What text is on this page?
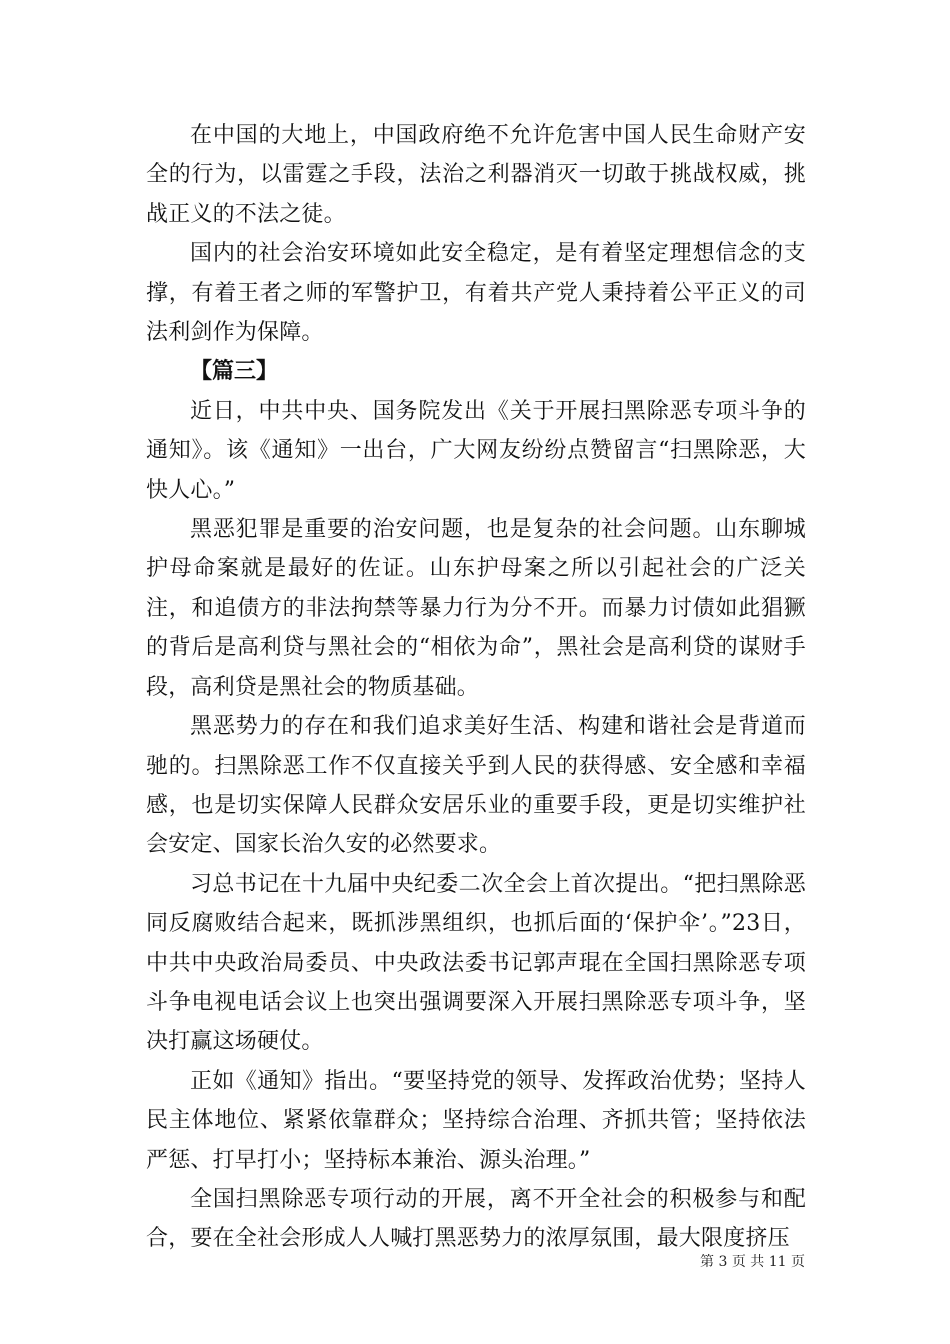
在中国的大地上，中国政府绝不允许危害中国人民生命财产安全的行为，以雷霆之手段，法治之利器消灭一切敢于挑战权威，挑战正义的不法之徒。

国内的社会治安环境如此安全稳定，是有着坚定理想信念的支撑，有着王者之师的军警护卫，有着共产党人秉持着公平正义的司法利剑作为保障。

【篇三】

近日，中共中央、国务院发出《关于开展扫黑除恶专项斗争的通知》。该《通知》一出台，广大网友纷纷点赞留言“扫黑除恶，大快人心。”

黑恶犯罪是重要的治安问题，也是复杂的社会问题。山东聊城护母命案就是最好的佐证。山东护母案之所以引起社会的广泛关注，和追债方的非法拘禁等暴力行为分不开。而暴力讨债如此猖獗的背后是高利贷与黑社会的“相依为命”，黑社会是高利贷的谋财手段，高利贷是黑社会的物质基础。

黑恶势力的存在和我们追求美好生活、构建和谐社会是背道而驰的。扫黑除恶工作不仅直接关乎到人民的获得感、安全感和幸福感，也是切实保障人民群众安居乐业的重要手段，更是切实维护社会安定、国家长治久安的必然要求。

习总书记在十九届中央纪委二次全会上首次提出。“把扫黑除恶同反腐败结合起来，既抓涉黑组织，也抓后面的‘保护伞’。”23日，中共中央政治局委员、中央政法委书记郭声琨在全国扫黑除恶专项斗争电视电话会议上也突出强调要深入开展扫黑除恶专项斗争，坚决打赢这场硬仗。

正如《通知》指出。“要坚持党的领导、发挥政治优势；坚持人民主体地位、紧紧依靠群众；坚持综合治理、齐抓共管；坚持依法严惩、打早打小；坚持标本兼治、源头治理。”

全国扫黑除恶专项行动的开展，离不开全社会的积极参与和配合，要在全社会形成人人喊打黑恶势力的浓厚氛围，最大限度挤压

第 3 页 共 11 页
